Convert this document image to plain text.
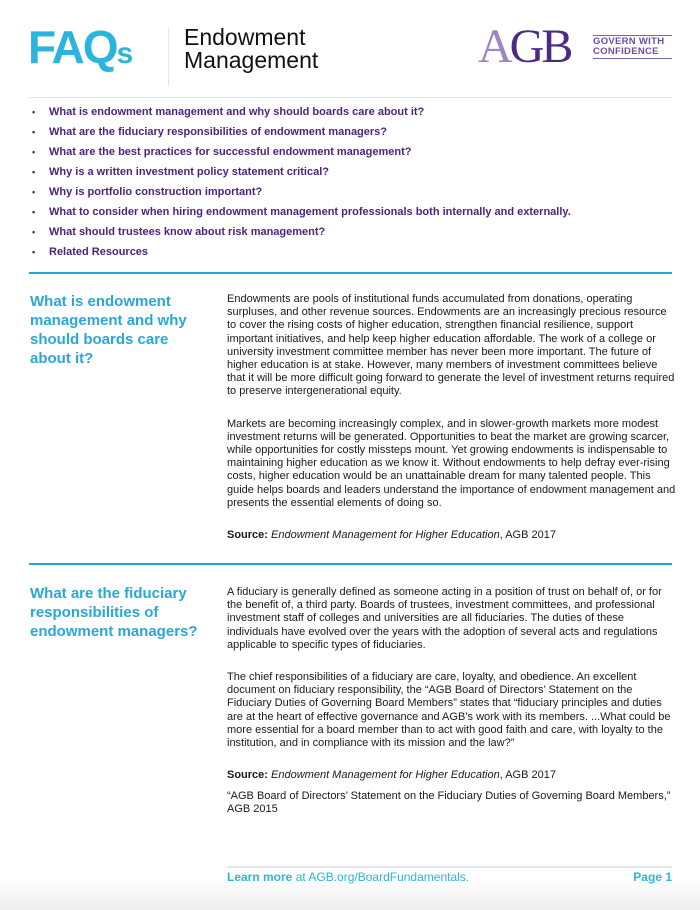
FAQs Endowment
Management	AGB GOVERN WITH
CONFIDENCE
• What is endowment management and why should boards care about it?
• What are the fiduciary responsibilities of endowment managers?
• What are the best practices for successful endowment management?
• Why is a written investment policy statement critical?
• Why is portfolio construction important?
• What to consider when hiring endowment management professionals both internally and externally.
• What should trustees know about risk management?
• Related Resources
What is endowment management and why should boards care about it?

Endowments are pools of institutional funds accumulated from donations, operating surpluses, and other revenue sources. Endowments are an increasingly precious resource to cover the rising costs of higher education, strengthen financial resilience, support important initiatives, and help keep higher education affordable. The work of a college or university investment committee member has never been more important. The future of higher education is at stake. However, many members of investment committees believe that it will be more difficult going forward to generate the level of investment returns required to preserve intergenerational equity.

Markets are becoming increasingly complex, and in slower-growth markets more modest investment returns will be generated. Opportunities to beat the market are growing scarcer, while opportunities for costly missteps mount. Yet growing endowments is indispensable to maintaining higher education as we know it. Without endowments to help defray ever-rising costs, higher education would be an unattainable dream for many talented people. This guide helps boards and leaders understand the importance of endowment management and presents the essential elements of doing so.

Source: Endowment Management for Higher Education, AGB 2017
What are the fiduciary responsibilities of endowment managers?

A fiduciary is generally defined as someone acting in a position of trust on behalf of, or for the benefit of, a third party. Boards of trustees, investment committees, and professional investment staff of colleges and universities are all fiduciaries. The duties of these individuals have evolved over the years with the adoption of several acts and regulations applicable to specific types of fiduciaries.

The chief responsibilities of a fiduciary are care, loyalty, and obedience. An excellent document on fiduciary responsibility, the “AGB Board of Directors’ Statement on the Fiduciary Duties of Governing Board Members” states that “fiduciary principles and duties are at the heart of effective governance and AGB’s work with its members. ...What could be more essential for a board member than to act with good faith and care, with loyalty to the institution, and in compliance with its mission and the law?”

Source: Endowment Management for Higher Education, AGB 2017
“AGB Board of Directors’ Statement on the Fiduciary Duties of Governing Board Members,” AGB 2015
Learn more at AGB.org/BoardFundamentals.	Page 1
